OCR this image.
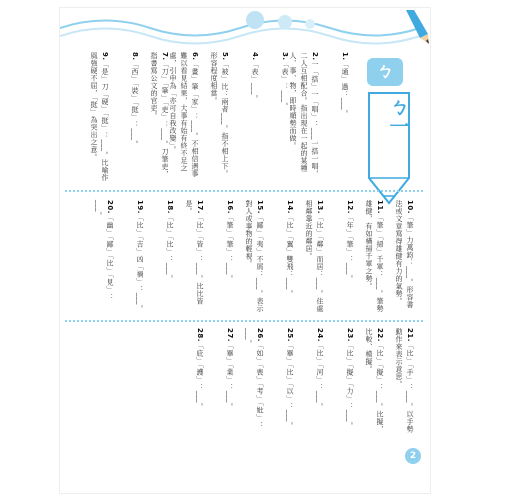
ㄅ
ㄅ一
1.「通」過：___。
2.一「搭」一「唱」：___一搭一唱，二人互相配合。指出現在一起的某種人、事、物，即時順勢而做。
3.「表」：___。
4.「表」___。
5.「被」比：兩者___。指不相上下。形容程度相當。
6.「畫」筆「家」：___。不相信遇事難以看見結果，大事有始有終不足之處，引申為「亦可自我改變」。
7.「刀」「筆」「吏」：___。刀筆吏，指書寫公文的官吏。
8.「西」「裝」「挺」：___。
9.「是」刀「硬」「挺」：___。比喻作風強硬不屈，「挺」為突出之意。
10.「筆」力萬鈞：___。形容書法或文章寫得雄健有力的氣勢。
11.「筆」「掃」千軍：___。筆勢雄健，有如橫掃千軍之勢。
12.「年」「筆」：___。
13.「比」「鄰」而居：___。住處相鄰靠近的鄰居。
14.「比」「翼」雙飛：___。
15.「鄙」「夷」不屑：___。表示對人或事物的輕視。
16.「筆」「筆」：___。
17.「比」「皆」：___。比比皆是。
18.「比」「比」：___。
19.「比」「吉」凶「禍」：___。
20.「幽」「鄙」「比」「見」：___。
21.「比」「手」：___。以手勢動作來表示意思。
22.「比」「擬」：___。比擬，比較、模擬。
23.「比」「擬」「力」：___。
24.「比」「河」：___。
25.「畢」「比」「以」：___。
26.「如」「喪」「考」「妣」：___。
27.「畢」「業」：___。
28.「庇」「護」：___。
2
